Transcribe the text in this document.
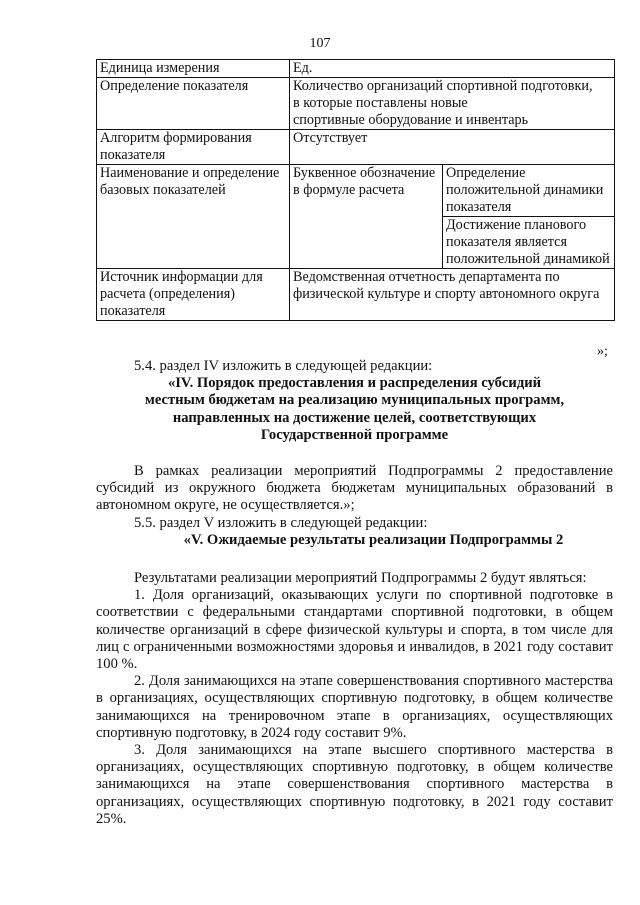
107
Единица измерения	Ед.	
Определение показателя	Количество организаций спортивной подготовки,
в которые поставлены новые
спортивные оборудование и инвентарь	

Алгоритм формирования показателя	Отсутствует	
Наименование и определение базовых показателей	Буквенное обозначение в формуле расчета	Определение положительной динамики показателя
		Достижение планового показателя является положительной динамикой
Источник информации для расчета (определения) показателя	Ведомственная отчетность департамента по физической культуре и спорту автономного округа	
»;

5.4. раздел IV изложить в следующей редакции:

«IV. Порядок предоставления и распределения субсидий

местным бюджетам на реализацию муниципальных программ,

направленных на достижение целей, соответствующих

Государственной программе

В рамках реализации мероприятий Подпрограммы 2 предоставление субсидий из окружного бюджета бюджетам муниципальных образований в автономном округе, не осуществляется.»;

5.5. раздел V изложить в следующей редакции:

«V. Ожидаемые результаты реализации Подпрограммы 2

Результатами реализации мероприятий Подпрограммы 2 будут являться:

1. Доля организаций, оказывающих услуги по спортивной подготовке в соответствии с федеральными стандартами спортивной подготовки, в общем количестве организаций в сфере физической культуры и спорта, в том числе для лиц с ограниченными возможностями здоровья и инвалидов, в 2021 году составит 100 %.

2. Доля занимающихся на этапе совершенствования спортивного мастерства в организациях, осуществляющих спортивную подготовку, в общем количестве занимающихся на тренировочном этапе в организациях, осуществляющих спортивную подготовку, в 2024 году составит 9%.

3. Доля занимающихся на этапе высшего спортивного мастерства в организациях, осуществляющих спортивную подготовку, в общем количестве занимающихся на этапе совершенствования спортивного мастерства в организациях, осуществляющих спортивную подготовку, в 2021 году составит 25%.
